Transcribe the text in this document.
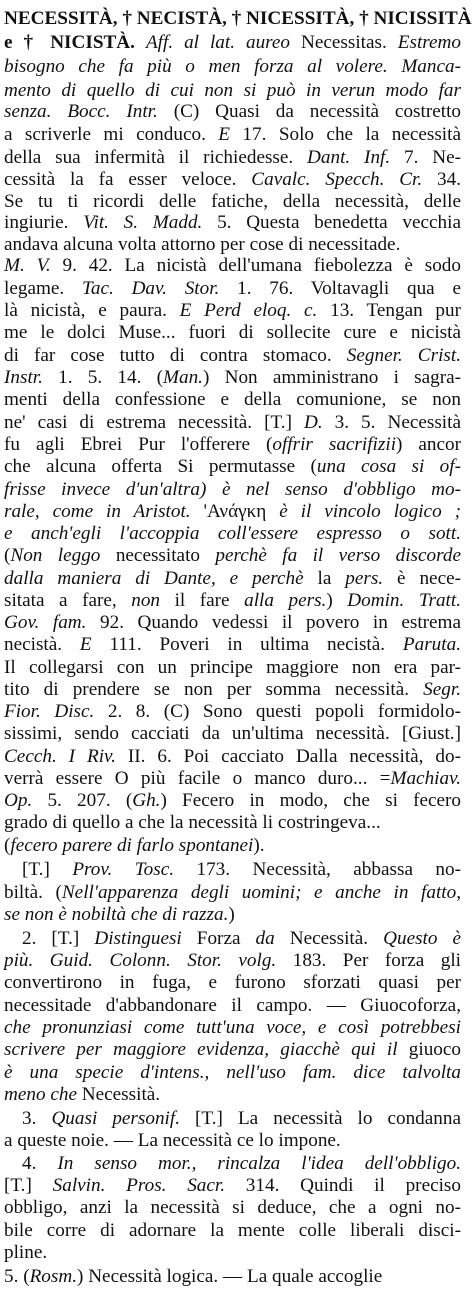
NECESSITÀ, † NECISTÀ, † NICESSITÀ, † NICISSITÀ
e † NICISTÀ. Aff. al lat. aureo Necessitas. Estremo
bisogno che fa più o men forza al volere. Manca-
mento di quello di cui non si può in verun modo far
senza. Bocc. Intr. (C) Quasi da necessità costretto
a scriverle mi conduco. E 17. Solo che la necessità
della sua infermità il richiedesse. Dant. Inf. 7. Ne-
cessità la fa esser veloce. Cavalc. Specch. Cr. 34.
Se tu ti ricordi delle fatiche, della necessità, delle
ingiurie. Vit. S. Madd. 5. Questa benedetta vecchia
andava alcuna volta attorno per cose di necessitade.
M. V. 9. 42. La nicistà dell'umana fiebolezza è sodo
legame. Tac. Dav. Stor. 1. 76. Voltavagli qua e
là nicistà, e paura. E Perd eloq. c. 13. Tengan pur
me le dolci Muse... fuori di sollecite cure e nicistà
di far cose tutto di contra stomaco. Segner. Crist.
Instr. 1. 5. 14. (Man.) Non amministrano i sagra-
menti della confessione e della comunione, se non
ne' casi di estrema necessità. [T.] D. 3. 5. Necessità
fu agli Ebrei Pur l'offerere (offrir sacrifizii) ancor
che alcuna offerta Si permutasse (una cosa si of-
frisse invece d'un'altra) è nel senso d'obbligo mo-
rale, come in Aristot. 'Ανάγκη è il vincolo logico ;
e anch'egli l'accoppia coll'essere espresso o sott.
(Non leggo necessitato perchè fa il verso discorde
dalla maniera di Dante, e perchè la pers. è nece-
sitata a fare, non il fare alla pers.) Domin. Tratt.
Gov. fam. 92. Quando vedessi il povero in estrema
necistà. E 111. Poveri in ultima necistà. Paruta.
Il collegarsi con un principe maggiore non era par-
tito di prendere se non per somma necessità. Segr.
Fior. Disc. 2. 8. (C) Sono questi popoli formidolo-
sissimi, sendo cacciati da un'ultima necessità. [Giust.]
Cecch. I Riv. II. 6. Poi cacciato Dalla necessità, do-
verrà essere O più facile o manco duro... =Machiav.
Op. 5. 207. (Gh.) Fecero in modo, che si fecero
grado di quello a che la necessità li costringeva...
(fecero parere di farlo spontanei).
[T.] Prov. Tosc. 173. Necessità, abbassa no-
biltà. (Nell'apparenza degli uomini; e anche in fatto,
se non è nobiltà che di razza.)
2. [T.] Distinguesi Forza da Necessità. Questo è
più. Guid. Colonn. Stor. volg. 183. Per forza gli
convertirono in fuga, e furono sforzati quasi per
necessitade d'abbandonare il campo. — Giuocoforza,
che pronunziasi come tutt'una voce, e così potrebbesi
scrivere per maggiore evidenza, giacchè qui il giuoco
è una specie d'intens., nell'uso fam. dice talvolta
meno che Necessità.
3. Quasi personif. [T.] La necessità lo condanna
a queste noie. — La necessità ce lo impone.
4. In senso mor., rincalza l'idea dell'obbligo.
[T.] Salvin. Pros. Sacr. 314. Quindi il preciso
obbligo, anzi la necessità si deduce, che a ogni no-
bile corre di adornare la mente colle liberali disci-
pline.
5. (Rosm.) Necessità logica. — La quale accoglie
